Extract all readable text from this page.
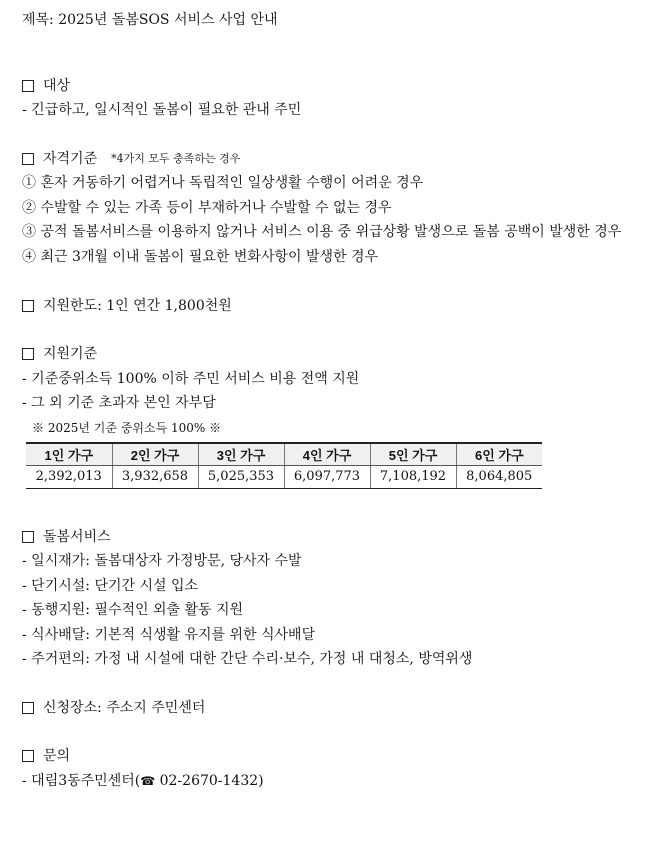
제목: 2025년 돌봄SOS 서비스 사업 안내
대상
- 긴급하고, 일시적인 돌봄이 필요한 관내 주민
자격기준 *4가지 모두 충족하는 경우
① 혼자 거동하기 어렵거나 독립적인 일상생활 수행이 어려운 경우
② 수발할 수 있는 가족 등이 부재하거나 수발할 수 없는 경우
③ 공적 돌봄서비스를 이용하지 않거나 서비스 이용 중 위급상황 발생으로 돌봄 공백이 발생한 경우
④ 최근 3개월 이내 돌봄이 필요한 변화사항이 발생한 경우
지원한도: 1인 연간 1,800천원
지원기준
- 기준중위소득 100% 이하 주민 서비스 비용 전액 지원
- 그 외 기준 초과자 본인 자부담
※ 2025년 기준 중위소득 100% ※
1인 가구	2인 가구	3인 가구	4인 가구	5인 가구	6인 가구
2,392,013	3,932,658	5,025,353	6,097,773	7,108,192	8,064,805
돌봄서비스
- 일시재가: 돌봄대상자 가정방문, 당사자 수발
- 단기시설: 단기간 시설 입소
- 동행지원: 필수적인 외출 활동 지원
- 식사배달: 기본적 식생활 유지를 위한 식사배달
- 주거편의: 가정 내 시설에 대한 간단 수리·보수, 가정 내 대청소, 방역위생
신청장소: 주소지 주민센터
문의
- 대림3동주민센터(☎ 02-2670-1432)
